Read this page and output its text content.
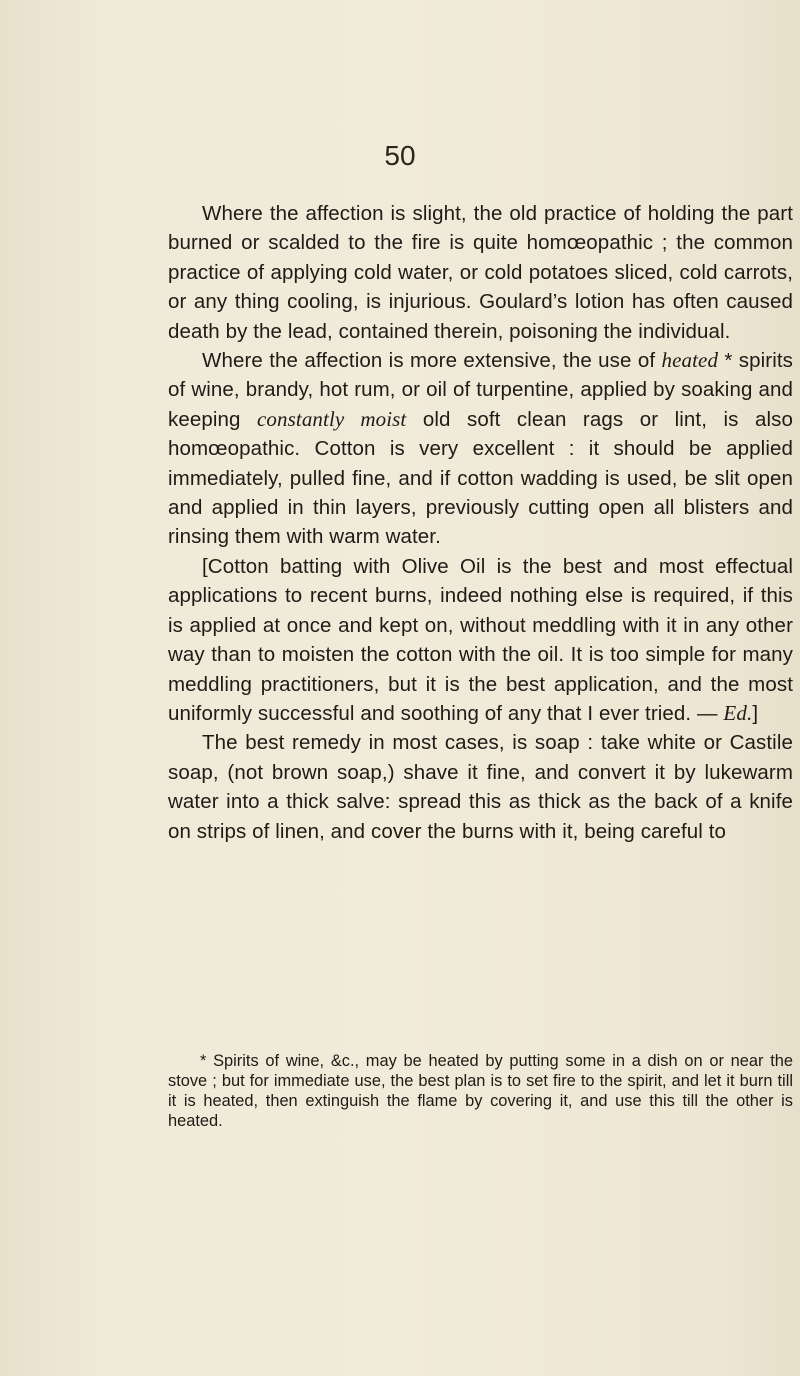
50

Where the affection is slight, the old practice of holding the part burned or scalded to the fire is quite homœopathic ; the common practice of applying cold water, or cold potatoes sliced, cold carrots, or any thing cooling, is injurious. Goulard’s lotion has often caused death by the lead, contained therein, poisoning the individual.

Where the affection is more extensive, the use of heated * spirits of wine, brandy, hot rum, or oil of turpentine, applied by soaking and keeping constantly moist old soft clean rags or lint, is also homœopathic. Cotton is very excellent : it should be applied immediately, pulled fine, and if cotton wadding is used, be slit open and applied in thin layers, previously cutting open all blisters and rinsing them with warm water.

[Cotton batting with Olive Oil is the best and most effectual applications to recent burns, indeed nothing else is required, if this is applied at once and kept on, without meddling with it in any other way than to moisten the cotton with the oil. It is too simple for many meddling practitioners, but it is the best application, and the most uniformly successful and soothing of any that I ever tried. — Ed.]

The best remedy in most cases, is soap : take white or Castile soap, (not brown soap,) shave it fine, and convert it by lukewarm water into a thick salve: spread this as thick as the back of a knife on strips of linen, and cover the burns with it, being careful to

* Spirits of wine, &c., may be heated by putting some in a dish on or near the stove ; but for immediate use, the best plan is to set fire to the spirit, and let it burn till it is heated, then extinguish the flame by covering it, and use this till the other is heated.
